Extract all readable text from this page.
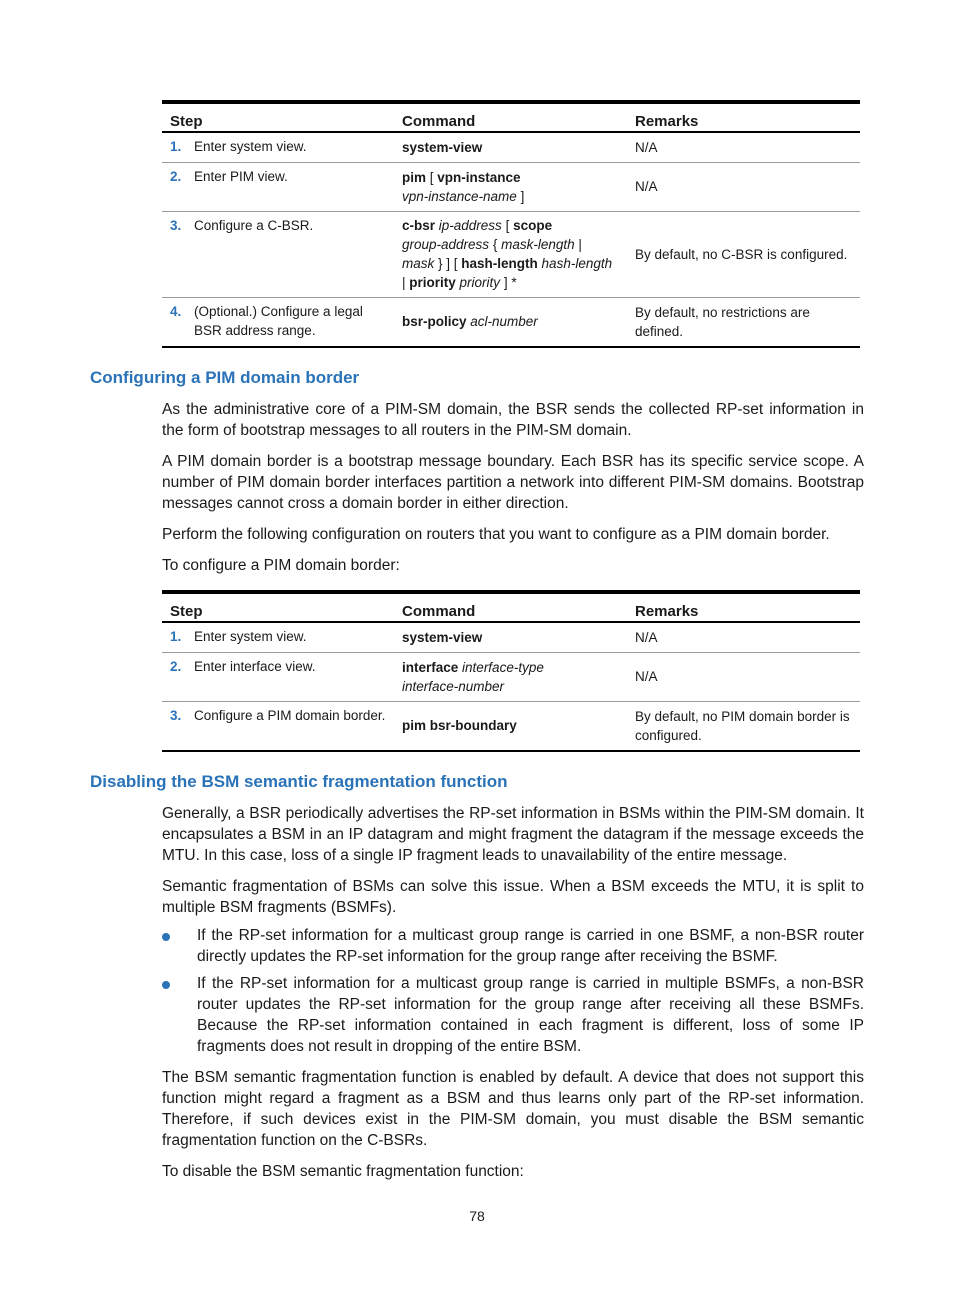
Step		Command	Remarks
1.	Enter system view.	system-view	N/A
2.	Enter PIM view.	pim [ vpn-instance
vpn-instance-name ]	N/A
3.	Configure a C-BSR.	c-bsr ip-address [ scope
group-address { mask-length |
mask } ] [ hash-length hash-length
| priority priority ] *	By default, no C-BSR is configured.
4.	(Optional.) Configure a legal BSR address range.	bsr-policy acl-number	By default, no restrictions are defined.
Configuring a PIM domain border
As the administrative core of a PIM-SM domain, the BSR sends the collected RP-set information in the form of bootstrap messages to all routers in the PIM-SM domain.
A PIM domain border is a bootstrap message boundary. Each BSR has its specific service scope. A number of PIM domain border interfaces partition a network into different PIM-SM domains. Bootstrap messages cannot cross a domain border in either direction.
Perform the following configuration on routers that you want to configure as a PIM domain border.
To configure a PIM domain border:
Step		Command	Remarks
1.	Enter system view.	system-view	N/A
2.	Enter interface view.	interface interface-type
interface-number	N/A
3.	Configure a PIM domain border.	pim bsr-boundary	By default, no PIM domain border is configured.
Disabling the BSM semantic fragmentation function
Generally, a BSR periodically advertises the RP-set information in BSMs within the PIM-SM domain. It encapsulates a BSM in an IP datagram and might fragment the datagram if the message exceeds the MTU. In this case, loss of a single IP fragment leads to unavailability of the entire message.
Semantic fragmentation of BSMs can solve this issue. When a BSM exceeds the MTU, it is split to multiple BSM fragments (BSMFs).
If the RP-set information for a multicast group range is carried in one BSMF, a non-BSR router directly updates the RP-set information for the group range after receiving the BSMF.
If the RP-set information for a multicast group range is carried in multiple BSMFs, a non-BSR router updates the RP-set information for the group range after receiving all these BSMFs. Because the RP-set information contained in each fragment is different, loss of some IP fragments does not result in dropping of the entire BSM.
The BSM semantic fragmentation function is enabled by default. A device that does not support this function might regard a fragment as a BSM and thus learns only part of the RP-set information. Therefore, if such devices exist in the PIM-SM domain, you must disable the BSM semantic fragmentation function on the C-BSRs.
To disable the BSM semantic fragmentation function:
78
